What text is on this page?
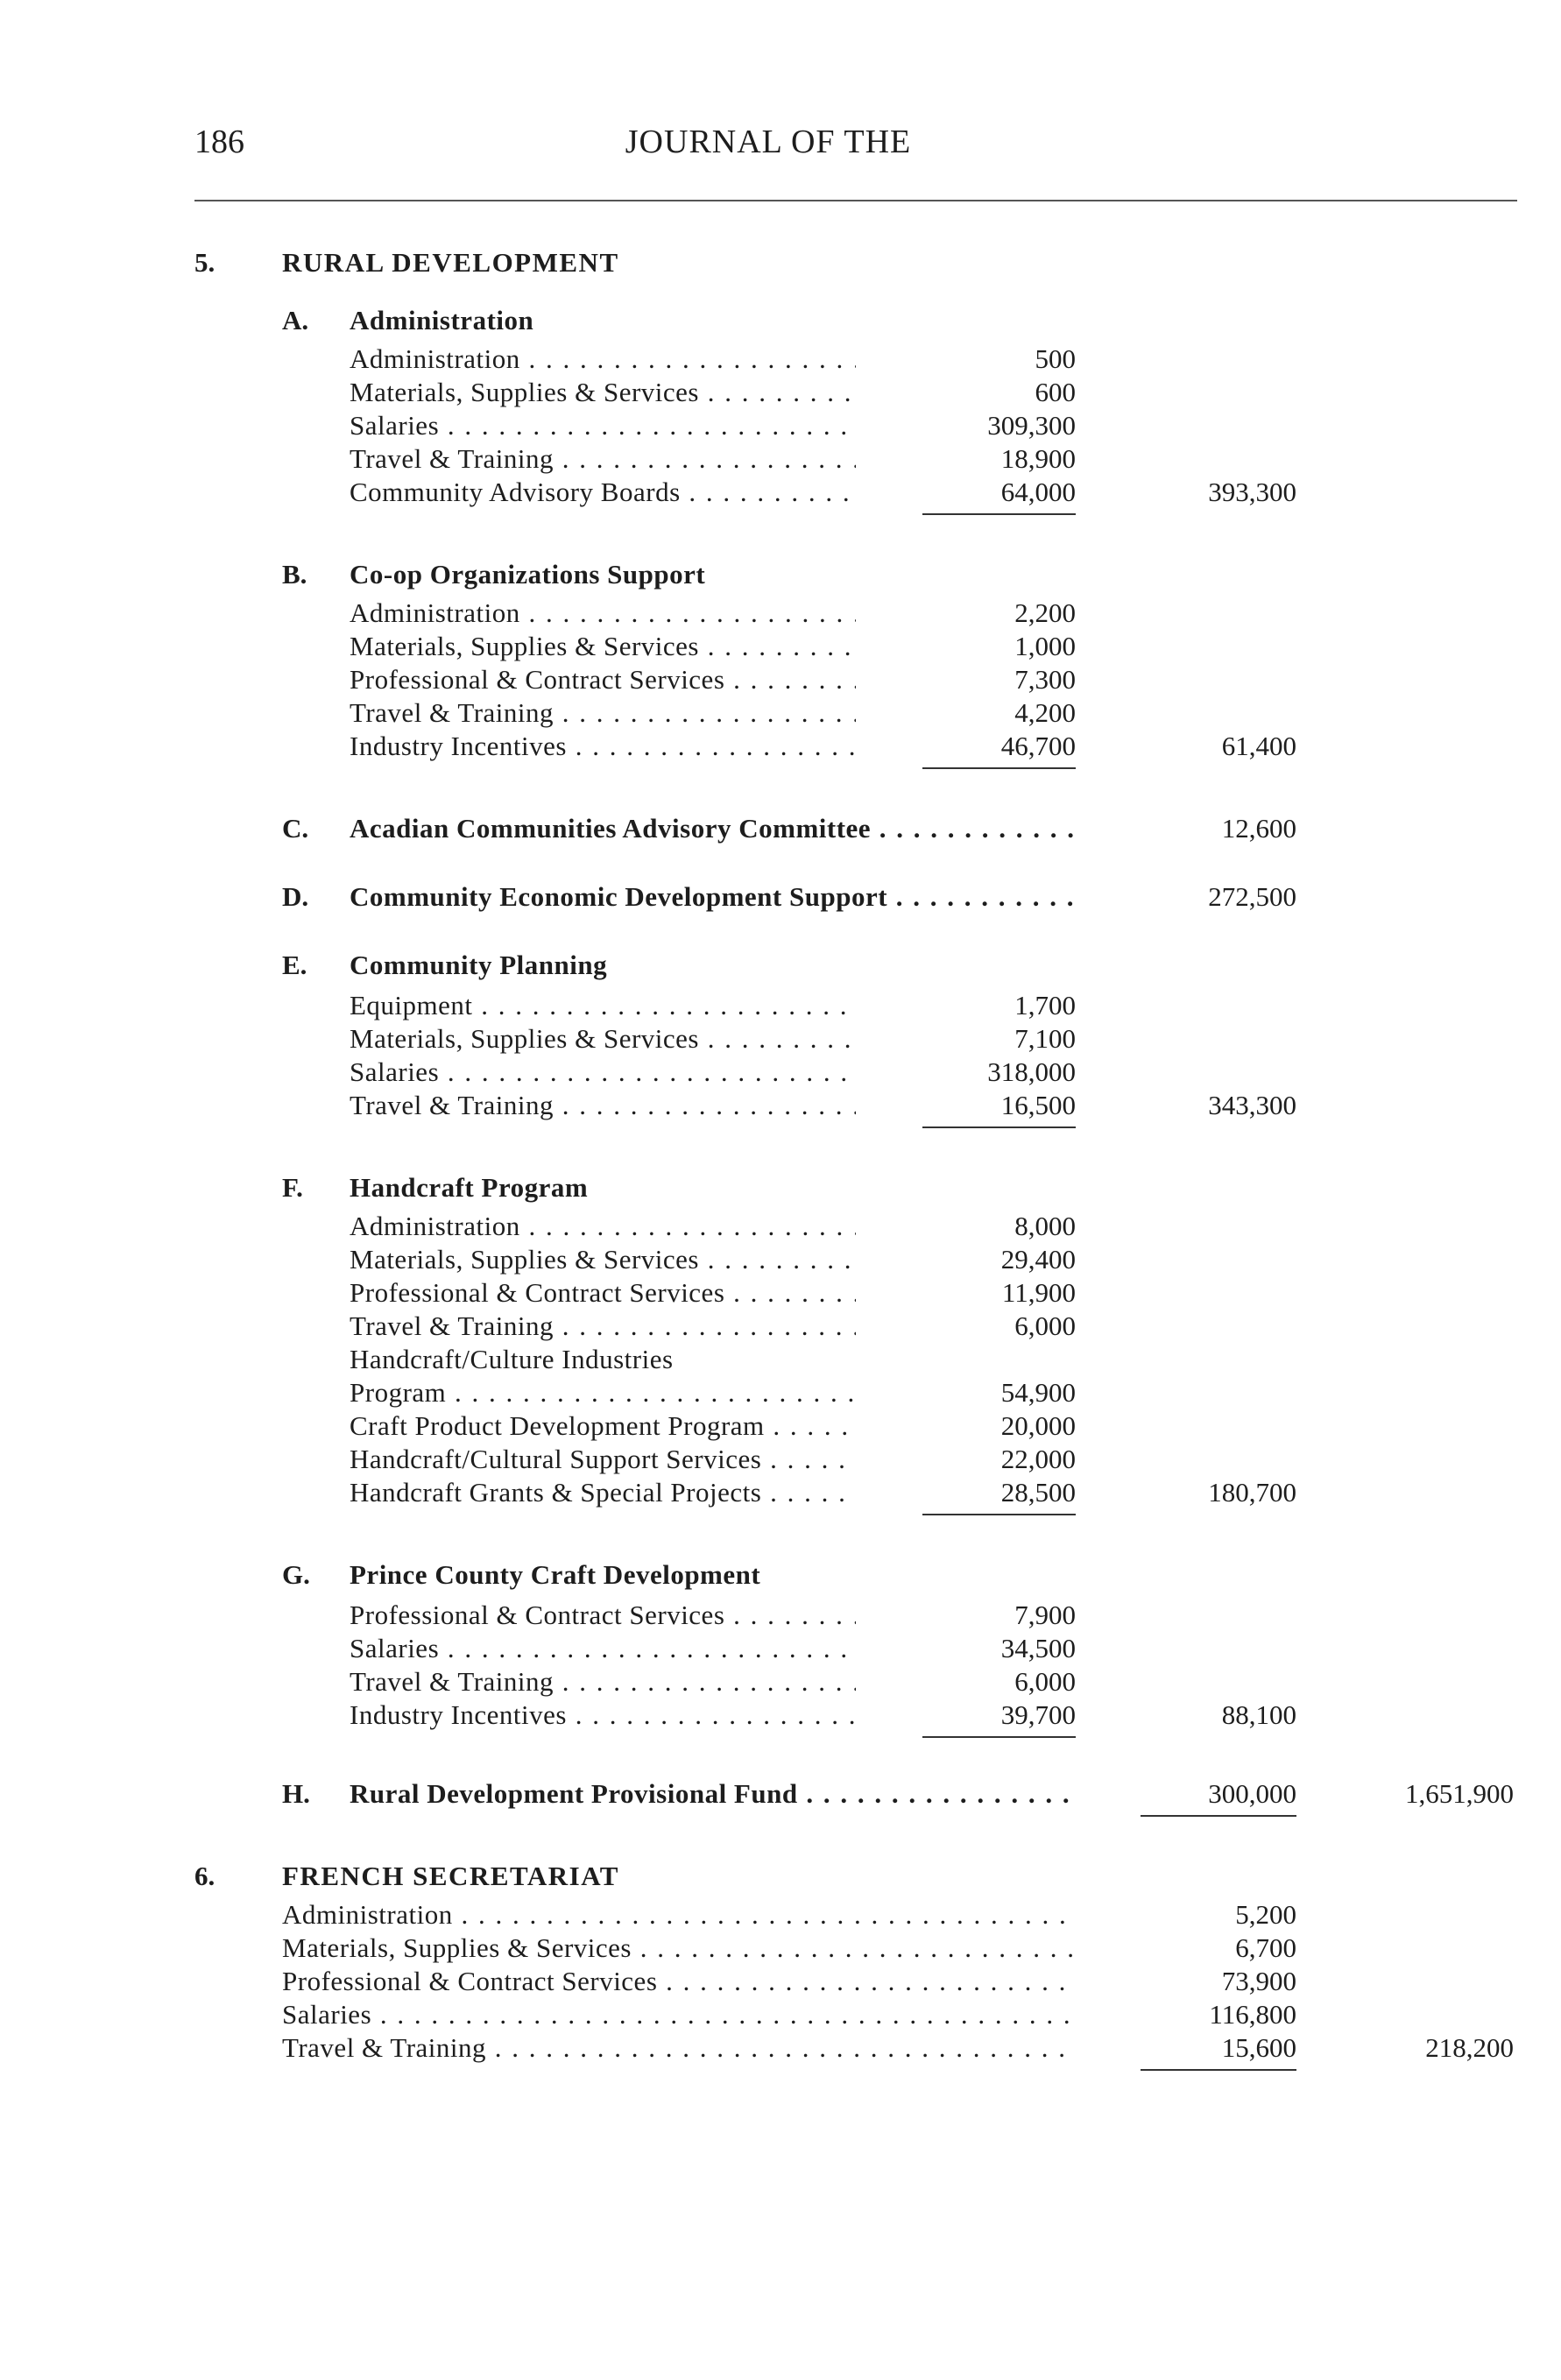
186	JOURNAL OF THE
5. RURAL DEVELOPMENT
A. Administration
Administration . . .	500
Materials, Supplies & Services . . .	600
Salaries . . .	309,300
Travel & Training . . .	18,900
Community Advisory Boards . . .	64,000	393,300
B. Co-op Organizations Support
Administration . . .	2,200
Materials, Supplies & Services . . .	1,000
Professional & Contract Services . . .	7,300
Travel & Training . . .	4,200
Industry Incentives . . .	46,700	61,400
C. Acadian Communities Advisory Committee . . .	12,600
D. Community Economic Development Support . . .	272,500
E. Community Planning
Equipment . . .	1,700
Materials, Supplies & Services . . .	7,100
Salaries . . .	318,000
Travel & Training . . .	16,500	343,300
F. Handcraft Program
Administration . . .	8,000
Materials, Supplies & Services . . .	29,400
Professional & Contract Services . . .	11,900
Travel & Training . . .	6,000
Handcraft/Culture Industries
Program . . .	54,900
Craft Product Development Program . . .	20,000
Handcraft/Cultural Support Services . . .	22,000
Handcraft Grants & Special Projects . . .	28,500	180,700
G. Prince County Craft Development
Professional & Contract Services . . .	7,900
Salaries . . .	34,500
Travel & Training . . .	6,000
Industry Incentives . . .	39,700	88,100
H. Rural Development Provisional Fund . . .	300,000	1,651,900
6. FRENCH SECRETARIAT
Administration . . .	5,200
Materials, Supplies & Services . . .	6,700
Professional & Contract Services . . .	73,900
Salaries . . .	116,800
Travel & Training . . .	15,600	218,200
